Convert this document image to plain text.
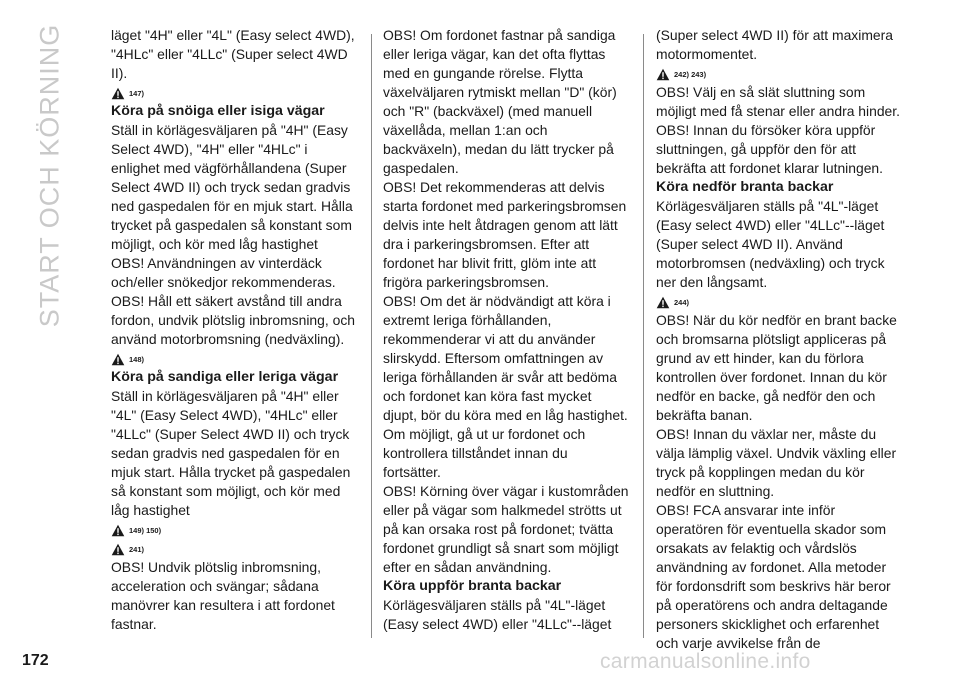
START OCH KÖRNING	läget "4H" eller "4L" (Easy select 4WD), "4HLc" eller "4LLc" (Super select 4WD II).

147)

Köra på snöiga eller isiga vägar

Ställ in körlägesväljaren på "4H" (Easy Select 4WD), "4H" eller "4HLc" i enlighet med vägförhållandena (Super Select 4WD II) och tryck sedan gradvis ned gaspedalen för en mjuk start. Hålla trycket på gaspedalen så konstant som möjligt, och kör med låg hastighet

OBS! Användningen av vinterdäck och/eller snökedjor rekommenderas.

OBS! Håll ett säkert avstånd till andra fordon, undvik plötslig inbromsning, och använd motorbromsning (nedväxling).

148)

Köra på sandiga eller leriga vägar

Ställ in körlägesväljaren på "4H" eller "4L" (Easy Select 4WD), "4HLc" eller "4LLc" (Super Select 4WD II) och tryck sedan gradvis ned gaspedalen för en mjuk start. Hålla trycket på gaspedalen så konstant som möjligt, och kör med låg hastighet

149) 150)
241)

OBS! Undvik plötslig inbromsning, acceleration och svängar; sådana manövrer kan resultera i att fordonet fastnar.

OBS! Om fordonet fastnar på sandiga eller leriga vägar, kan det ofta flyttas med en gungande rörelse. Flytta växelväljaren rytmiskt mellan "D" (kör) och "R" (backväxel) (med manuell växellåda, mellan 1:an och backväxeln), medan du lätt trycker på gaspedalen.

OBS! Det rekommenderas att delvis starta fordonet med parkeringsbromsen delvis inte helt åtdragen genom att lätt dra i parkeringsbromsen. Efter att fordonet har blivit fritt, glöm inte att frigöra parkeringsbromsen.

OBS! Om det är nödvändigt att köra i extremt leriga förhållanden, rekommenderar vi att du använder slirskydd. Eftersom omfattningen av leriga förhållanden är svår att bedöma och fordonet kan köra fast mycket djupt, bör du köra med en låg hastighet. Om möjligt, gå ut ur fordonet och kontrollera tillståndet innan du fortsätter.

OBS! Körning över vägar i kustområden eller på vägar som halkmedel strötts ut på kan orsaka rost på fordonet; tvätta fordonet grundligt så snart som möjligt efter en sådan användning.

Köra uppför branta backar

Körlägesväljaren ställs på "4L"-läget (Easy select 4WD) eller "4LLc"--läget

(Super select 4WD II) för att maximera motormomentet.

242) 243)

OBS! Välj en så slät sluttning som möjligt med få stenar eller andra hinder.

OBS! Innan du försöker köra uppför sluttningen, gå uppför den för att bekräfta att fordonet klarar lutningen.

Köra nedför branta backar

Körlägesväljaren ställs på "4L"-läget (Easy select 4WD) eller "4LLc"--läget (Super select 4WD II). Använd motorbromsen (nedväxling) och tryck ner den långsamt.

244)

OBS! När du kör nedför en brant backe och bromsarna plötsligt appliceras på grund av ett hinder, kan du förlora kontrollen över fordonet. Innan du kör nedför en backe, gå nedför den och bekräfta banan.

OBS! Innan du växlar ner, måste du välja lämplig växel. Undvik växling eller tryck på kopplingen medan du kör nedför en sluttning.

OBS! FCA ansvarar inte inför operatören för eventuella skador som orsakats av felaktig och vårdslös användning av fordonet. Alla metoder för fordonsdrift som beskrivs här beror på operatörens och andra deltagande personers skicklighet och erfarenhet och varje avvikelse från de

172	carmanualsonline.info
